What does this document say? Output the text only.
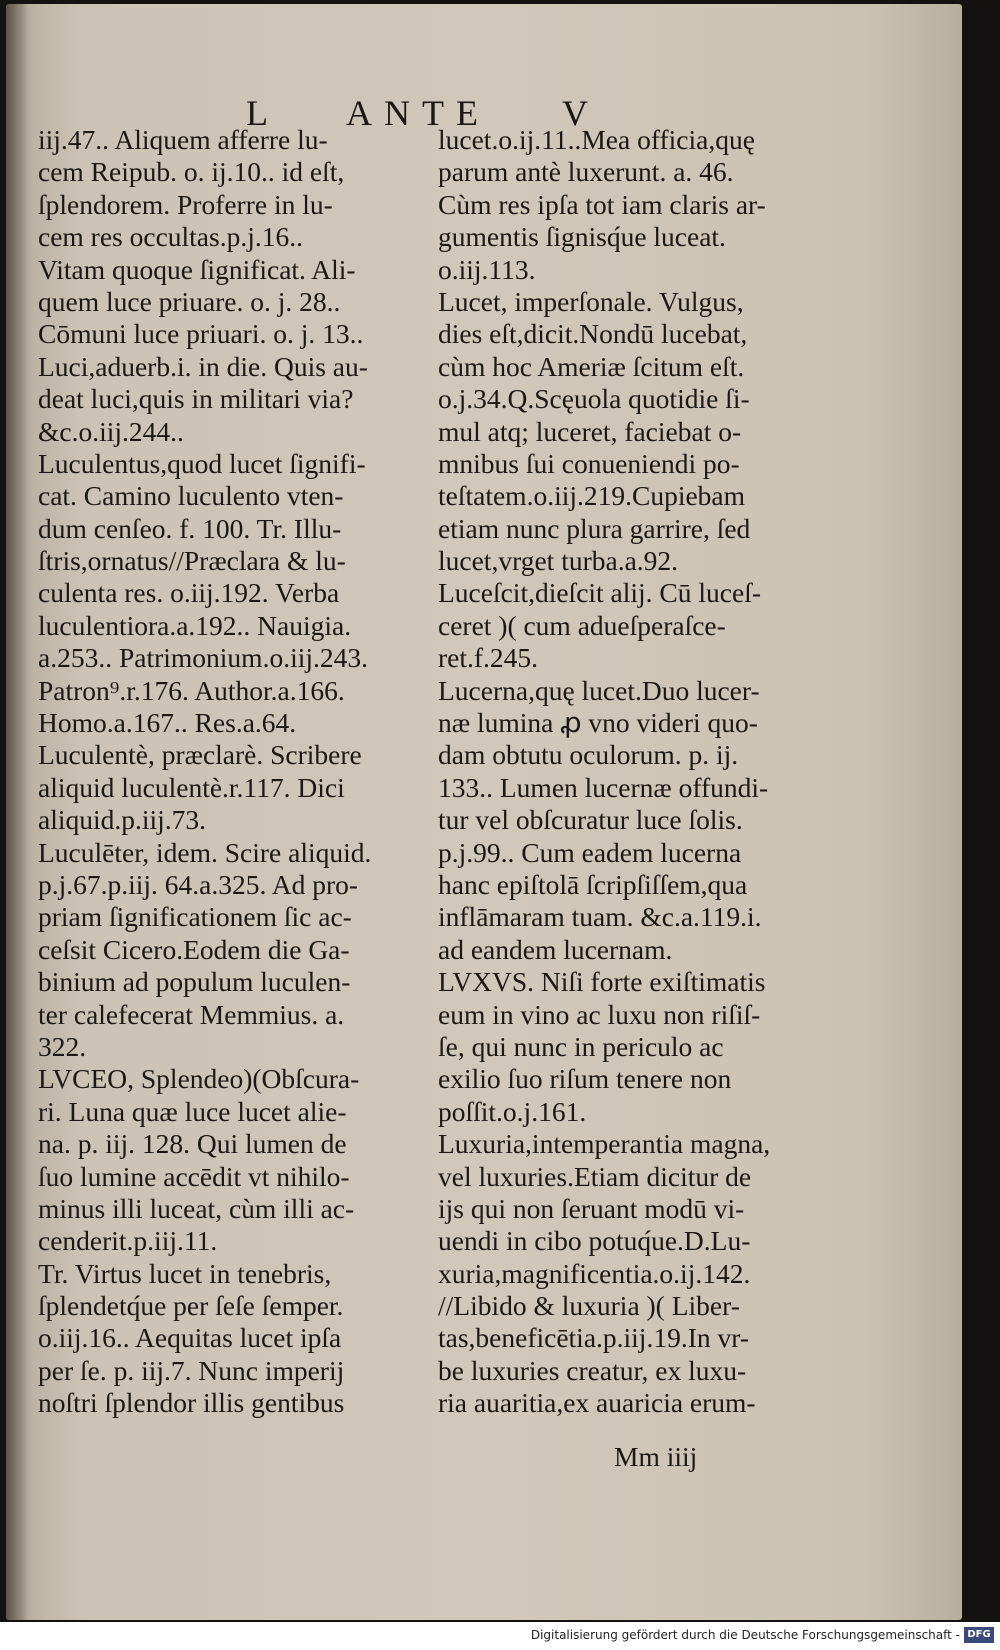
L ANTE V
iij.47.. Aliquem afferre lu-
cem Reipub. o. ij.10.. id eſt,
ſplendorem. Proferre in lu-
cem res occultas.p.j.16..
Vitam quoque ſignificat. Ali-
quem luce priuare. o. j. 28..
Cōmuni luce priuari. o. j. 13..
Luci,aduerb.i. in die. Quis au-
deat luci,quis in militari via?
&c.o.iij.244..
Luculentus,quod lucet ſignifi-
cat. Camino luculento vten-
dum cenſeo. f. 100. Tr. Illu-
ſtris,ornatus//Præclara & lu-
culenta res. o.iij.192. Verba
luculentiora.a.192.. Nauigia.
a.253.. Patrimonium.o.iij.243.
Patron⁹.r.176. Author.a.166.
Homo.a.167.. Res.a.64.
Luculentè, præclarè. Scribere
aliquid luculentè.r.117. Dici
aliquid.p.iij.73.
Luculēter, idem. Scire aliquid.
p.j.67.p.iij. 64.a.325. Ad pro-
priam ſignificationem ſic ac-
ceſsit Cicero.Eodem die Ga-
binium ad populum luculen-
ter calefecerat Memmius. a.
322.
LVCEO, Splendeo)(Obſcura-
ri. Luna quæ luce lucet alie-
na. p. iij. 128. Qui lumen de
ſuo lumine accēdit vt nihilo-
minus illi luceat, cùm illi ac-
cenderit.p.iij.11.
Tr. Virtus lucet in tenebris,
ſplendetq́ue per ſeſe ſemper.
o.iij.16.. Aequitas lucet ipſa
per ſe. p. iij.7. Nunc imperij
noſtri ſplendor illis gentibus
lucet.o.ij.11..Mea officia,quę
parum antè luxerunt. a. 46.
Cùm res ipſa tot iam claris ar-
gumentis ſignisq́ue luceat.
o.iij.113.
Lucet, imperſonale. Vulgus,
dies eſt,dicit.Nondū lucebat,
cùm hoc Ameriæ ſcitum eſt.
o.j.34.Q.Scęuola quotidie ſi-
mul atq; luceret, faciebat o-
mnibus ſui conueniendi po-
teſtatem.o.iij.219.Cupiebam
etiam nunc plura garrire, ſed
lucet,vrget turba.a.92.
Luceſcit,dieſcit alij. Cū luceſ-
ceret )( cum adueſperaſce-
ret.f.245.
Lucerna,quę lucet.Duo lucer-
næ lumina ꝓ vno videri quo-
dam obtutu oculorum. p. ij.
133.. Lumen lucernæ offundi-
tur vel obſcuratur luce ſolis.
p.j.99.. Cum eadem lucerna
hanc epiſtolā ſcripſiſſem,qua
inflāmaram tuam. &c.a.119.i.
ad eandem lucernam.
LVXVS. Niſi forte exiſtimatis
eum in vino ac luxu non riſiſ-
ſe, qui nunc in periculo ac
exilio ſuo riſum tenere non
poſſit.o.j.161.
Luxuria,intemperantia magna,
vel luxuries.Etiam dicitur de
ijs qui non ſeruant modū vi-
uendi in cibo potuq́ue.D.Lu-
xuria,magnificentia.o.ij.142.
//Libido & luxuria )( Liber-
tas,beneficētia.p.iij.19.In vr-
be luxuries creatur, ex luxu-
ria auaritia,ex auaricia erum-
Mm iiij
Digitalisierung gefördert durch die Deutsche Forschungsgemeinschaft - DFG
